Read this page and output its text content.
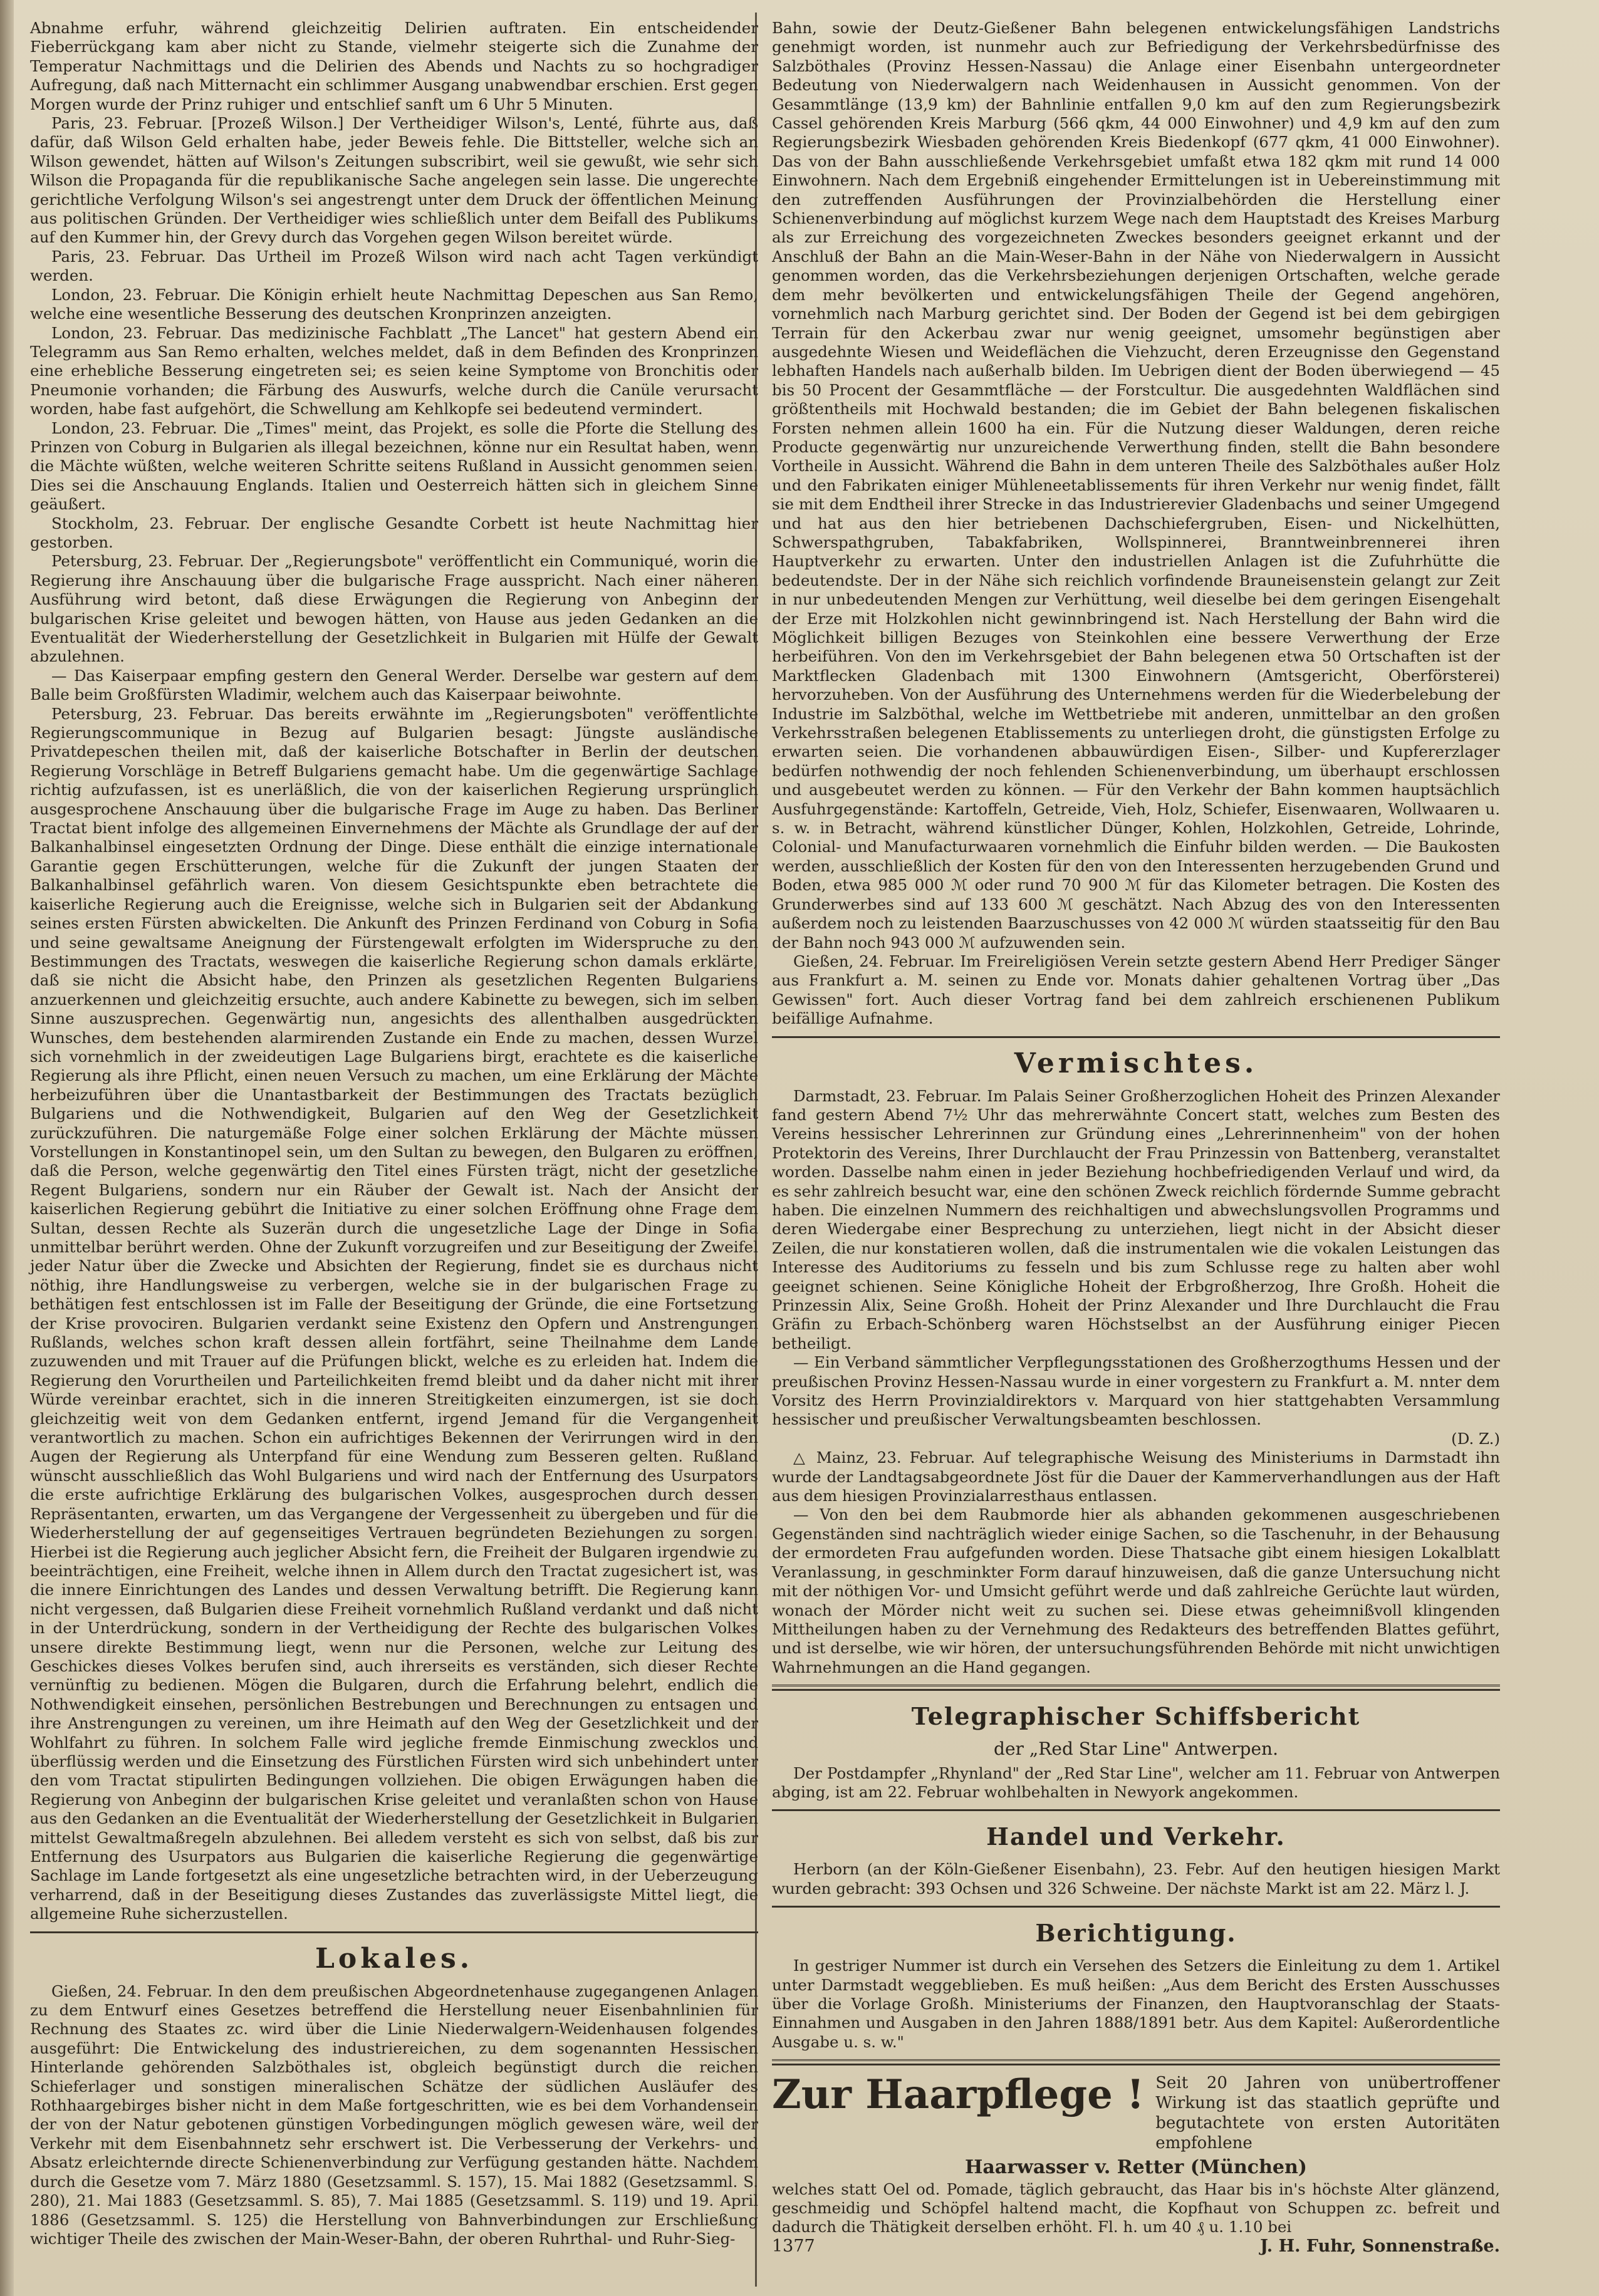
Abnahme erfuhr, während gleichzeitig Delirien auftraten. Ein entscheidender Fieberrückgang kam aber nicht zu Stande, vielmehr steigerte sich die Zunahme der Temperatur Nachmittags und die Delirien des Abends und Nachts zu so hochgradiger Aufregung, daß nach Mitternacht ein schlimmer Ausgang unabwendbar erschien. Erst gegen Morgen wurde der Prinz ruhiger und entschlief sanft um 6 Uhr 5 Minuten.

Paris, 23. Februar. [Prozeß Wilson.] Der Vertheidiger Wilson's, Lenté, führte aus, daß dafür, daß Wilson Geld erhalten habe, jeder Beweis fehle. Die Bittsteller, welche sich an Wilson gewendet, hätten auf Wilson's Zeitungen subscribirt, weil sie gewußt, wie sehr sich Wilson die Propaganda für die republikanische Sache angelegen sein lasse. Die ungerechte gerichtliche Verfolgung Wilson's sei angestrengt unter dem Druck der öffentlichen Meinung aus politischen Gründen. Der Vertheidiger wies schließlich unter dem Beifall des Publikums auf den Kummer hin, der Grevy durch das Vorgehen gegen Wilson bereitet würde.

Paris, 23. Februar. Das Urtheil im Prozeß Wilson wird nach acht Tagen verkündigt werden.

London, 23. Februar. Die Königin erhielt heute Nachmittag Depeschen aus San Remo, welche eine wesentliche Besserung des deutschen Kronprinzen anzeigten.

London, 23. Februar. Das medizinische Fachblatt „The Lancet" hat gestern Abend ein Telegramm aus San Remo erhalten, welches meldet, daß in dem Befinden des Kronprinzen eine erhebliche Besserung eingetreten sei; es seien keine Symptome von Bronchitis oder Pneumonie vorhanden; die Färbung des Auswurfs, welche durch die Canüle verursacht worden, habe fast aufgehört, die Schwellung am Kehlkopfe sei bedeutend vermindert.

London, 23. Februar. Die „Times" meint, das Projekt, es solle die Pforte die Stellung des Prinzen von Coburg in Bulgarien als illegal bezeichnen, könne nur ein Resultat haben, wenn die Mächte wüßten, welche weiteren Schritte seitens Rußland in Aussicht genommen seien. Dies sei die Anschauung Englands. Italien und Oesterreich hätten sich in gleichem Sinne geäußert.

Stockholm, 23. Februar. Der englische Gesandte Corbett ist heute Nachmittag hier gestorben.

Petersburg, 23. Februar. Der „Regierungsbote" veröffentlicht ein Communiqué, worin die Regierung ihre Anschauung über die bulgarische Frage ausspricht. Nach einer näheren Ausführung wird betont, daß diese Erwägungen die Regierung von Anbeginn der bulgarischen Krise geleitet und bewogen hätten, von Hause aus jeden Gedanken an die Eventualität der Wiederherstellung der Gesetzlichkeit in Bulgarien mit Hülfe der Gewalt abzulehnen.

— Das Kaiserpaar empfing gestern den General Werder. Derselbe war gestern auf dem Balle beim Großfürsten Wladimir, welchem auch das Kaiserpaar beiwohnte.

Petersburg, 23. Februar. Das bereits erwähnte im „Regierungsboten" veröffentlichte Regierungscommunique in Bezug auf Bulgarien besagt: Jüngste ausländische Privatdepeschen theilen mit, daß der kaiserliche Botschafter in Berlin der deutschen Regierung Vorschläge in Betreff Bulgariens gemacht habe. Um die gegenwärtige Sachlage richtig aufzufassen, ist es unerläßlich, die von der kaiserlichen Regierung ursprünglich ausgesprochene Anschauung über die bulgarische Frage im Auge zu haben. Das Berliner Tractat bient infolge des allgemeinen Einvernehmens der Mächte als Grundlage der auf der Balkanhalbinsel eingesetzten Ordnung der Dinge. Diese enthält die einzige internationale Garantie gegen Erschütterungen, welche für die Zukunft der jungen Staaten der Balkanhalbinsel gefährlich waren. Von diesem Gesichtspunkte eben betrachtete die kaiserliche Regierung auch die Ereignisse, welche sich in Bulgarien seit der Abdankung seines ersten Fürsten abwickelten. Die Ankunft des Prinzen Ferdinand von Coburg in Sofia und seine gewaltsame Aneignung der Fürstengewalt erfolgten im Widerspruche zu den Bestimmungen des Tractats, weswegen die kaiserliche Regierung schon damals erklärte, daß sie nicht die Absicht habe, den Prinzen als gesetzlichen Regenten Bulgariens anzuerkennen und gleichzeitig ersuchte, auch andere Kabinette zu bewegen, sich im selben Sinne auszusprechen. Gegenwärtig nun, angesichts des allenthalben ausgedrückten Wunsches, dem bestehenden alarmirenden Zustande ein Ende zu machen, dessen Wurzel sich vornehmlich in der zweideutigen Lage Bulgariens birgt, erachtete es die kaiserliche Regierung als ihre Pflicht, einen neuen Versuch zu machen, um eine Erklärung der Mächte herbeizuführen über die Unantastbarkeit der Bestimmungen des Tractats bezüglich Bulgariens und die Nothwendigkeit, Bulgarien auf den Weg der Gesetzlichkeit zurückzuführen. Die naturgemäße Folge einer solchen Erklärung der Mächte müssen Vorstellungen in Konstantinopel sein, um den Sultan zu bewegen, den Bulgaren zu eröffnen, daß die Person, welche gegenwärtig den Titel eines Fürsten trägt, nicht der gesetzliche Regent Bulgariens, sondern nur ein Räuber der Gewalt ist. Nach der Ansicht der kaiserlichen Regierung gebührt die Initiative zu einer solchen Eröffnung ohne Frage dem Sultan, dessen Rechte als Suzerän durch die ungesetzliche Lage der Dinge in Sofia unmittelbar berührt werden. Ohne der Zukunft vorzugreifen und zur Beseitigung der Zweifel jeder Natur über die Zwecke und Absichten der Regierung, findet sie es durchaus nicht nöthig, ihre Handlungsweise zu verbergen, welche sie in der bulgarischen Frage zu bethätigen fest entschlossen ist im Falle der Beseitigung der Gründe, die eine Fortsetzung der Krise provociren. Bulgarien verdankt seine Existenz den Opfern und Anstrengungen Rußlands, welches schon kraft dessen allein fortfährt, seine Theilnahme dem Lande zuzuwenden und mit Trauer auf die Prüfungen blickt, welche es zu erleiden hat. Indem die Regierung den Vorurtheilen und Parteilichkeiten fremd bleibt und da daher nicht mit ihrer Würde vereinbar erachtet, sich in die inneren Streitigkeiten einzumergen, ist sie doch gleichzeitig weit von dem Gedanken entfernt, irgend Jemand für die Vergangenheit verantwortlich zu machen. Schon ein aufrichtiges Bekennen der Verirrungen wird in den Augen der Regierung als Unterpfand für eine Wendung zum Besseren gelten. Rußland wünscht ausschließlich das Wohl Bulgariens und wird nach der Entfernung des Usurpators die erste aufrichtige Erklärung des bulgarischen Volkes, ausgesprochen durch dessen Repräsentanten, erwarten, um das Vergangene der Vergessenheit zu übergeben und für die Wiederherstellung der auf gegenseitiges Vertrauen begründeten Beziehungen zu sorgen. Hierbei ist die Regierung auch jeglicher Absicht fern, die Freiheit der Bulgaren irgendwie zu beeinträchtigen, eine Freiheit, welche ihnen in Allem durch den Tractat zugesichert ist, was die innere Einrichtungen des Landes und dessen Verwaltung betrifft. Die Regierung kann nicht vergessen, daß Bulgarien diese Freiheit vornehmlich Rußland verdankt und daß nicht in der Unterdrückung, sondern in der Vertheidigung der Rechte des bulgarischen Volkes unsere direkte Bestimmung liegt, wenn nur die Personen, welche zur Leitung des Geschickes dieses Volkes berufen sind, auch ihrerseits es verständen, sich dieser Rechte vernünftig zu bedienen. Mögen die Bulgaren, durch die Erfahrung belehrt, endlich die Nothwendigkeit einsehen, persönlichen Bestrebungen und Berechnungen zu entsagen und ihre Anstrengungen zu vereinen, um ihre Heimath auf den Weg der Gesetzlichkeit und der Wohlfahrt zu führen. In solchem Falle wird jegliche fremde Einmischung zwecklos und überflüssig werden und die Einsetzung des Fürstlichen Fürsten wird sich unbehindert unter den vom Tractat stipulirten Bedingungen vollziehen. Die obigen Erwägungen haben die Regierung von Anbeginn der bulgarischen Krise geleitet und veranlaßten schon von Hause aus den Gedanken an die Eventualität der Wiederherstellung der Gesetzlichkeit in Bulgarien mittelst Gewaltmaßregeln abzulehnen. Bei alledem versteht es sich von selbst, daß bis zur Entfernung des Usurpators aus Bulgarien die kaiserliche Regierung die gegenwärtige Sachlage im Lande fortgesetzt als eine ungesetzliche betrachten wird, in der Ueberzeugung verharrend, daß in der Beseitigung dieses Zustandes das zuverlässigste Mittel liegt, die allgemeine Ruhe sicherzustellen.

Lokales.

Gießen, 24. Februar. In den dem preußischen Abgeordnetenhause zugegangenen Anlagen zu dem Entwurf eines Gesetzes betreffend die Herstellung neuer Eisenbahnlinien für Rechnung des Staates zc. wird über die Linie Niederwalgern-Weidenhausen folgendes ausgeführt: Die Entwickelung des industriereichen, zu dem sogenannten Hessischen Hinterlande gehörenden Salzböthales ist, obgleich begünstigt durch die reichen Schieferlager und sonstigen mineralischen Schätze der südlichen Ausläufer des Rothhaargebirges bisher nicht in dem Maße fortgeschritten, wie es bei dem Vorhandensein der von der Natur gebotenen günstigen Vorbedingungen möglich gewesen wäre, weil der Verkehr mit dem Eisenbahnnetz sehr erschwert ist. Die Verbesserung der Verkehrs- und Absatz erleichternde directe Schienenverbindung zur Verfügung gestanden hätte. Nachdem durch die Gesetze vom 7. März 1880 (Gesetzsamml. S. 157), 15. Mai 1882 (Gesetzsamml. S. 280), 21. Mai 1883 (Gesetzsamml. S. 85), 7. Mai 1885 (Gesetzsamml. S. 119) und 19. April 1886 (Gesetzsamml. S. 125) die Herstellung von Bahnverbindungen zur Erschließung wichtiger Theile des zwischen der Main-Weser-Bahn, der oberen Ruhrthal- und Ruhr-Sieg-

Bahn, sowie der Deutz-Gießener Bahn belegenen entwickelungsfähigen Landstrichs genehmigt worden, ist nunmehr auch zur Befriedigung der Verkehrsbedürfnisse des Salzböthales (Provinz Hessen-Nassau) die Anlage einer Eisenbahn untergeordneter Bedeutung von Niederwalgern nach Weidenhausen in Aussicht genommen. Von der Gesammtlänge (13,9 km) der Bahnlinie entfallen 9,0 km auf den zum Regierungsbezirk Cassel gehörenden Kreis Marburg (566 qkm, 44 000 Einwohner) und 4,9 km auf den zum Regierungsbezirk Wiesbaden gehörenden Kreis Biedenkopf (677 qkm, 41 000 Einwohner). Das von der Bahn ausschließende Verkehrsgebiet umfaßt etwa 182 qkm mit rund 14 000 Einwohnern. Nach dem Ergebniß eingehender Ermittelungen ist in Uebereinstimmung mit den zutreffenden Ausführungen der Provinzialbehörden die Herstellung einer Schienenverbindung auf möglichst kurzem Wege nach dem Hauptstadt des Kreises Marburg als zur Erreichung des vorgezeichneten Zweckes besonders geeignet erkannt und der Anschluß der Bahn an die Main-Weser-Bahn in der Nähe von Niederwalgern in Aussicht genommen worden, das die Verkehrsbeziehungen derjenigen Ortschaften, welche gerade dem mehr bevölkerten und entwickelungsfähigen Theile der Gegend angehören, vornehmlich nach Marburg gerichtet sind. Der Boden der Gegend ist bei dem gebirgigen Terrain für den Ackerbau zwar nur wenig geeignet, umsomehr begünstigen aber ausgedehnte Wiesen und Weideflächen die Viehzucht, deren Erzeugnisse den Gegenstand lebhaften Handels nach außerhalb bilden. Im Uebrigen dient der Boden überwiegend — 45 bis 50 Procent der Gesammtfläche — der Forstcultur. Die ausgedehnten Waldflächen sind größtentheils mit Hochwald bestanden; die im Gebiet der Bahn belegenen fiskalischen Forsten nehmen allein 1600 ha ein. Für die Nutzung dieser Waldungen, deren reiche Producte gegenwärtig nur unzureichende Verwerthung finden, stellt die Bahn besondere Vortheile in Aussicht. Während die Bahn in dem unteren Theile des Salzböthales außer Holz und den Fabrikaten einiger Mühleneetablissements für ihren Verkehr nur wenig findet, fällt sie mit dem Endtheil ihrer Strecke in das Industrierevier Gladenbachs und seiner Umgegend und hat aus den hier betriebenen Dachschiefergruben, Eisen- und Nickelhütten, Schwerspathgruben, Tabakfabriken, Wollspinnerei, Branntweinbrennerei ihren Hauptverkehr zu erwarten. Unter den industriellen Anlagen ist die Zufuhrhütte die bedeutendste. Der in der Nähe sich reichlich vorfindende Brauneisenstein gelangt zur Zeit in nur unbedeutenden Mengen zur Verhüttung, weil dieselbe bei dem geringen Eisengehalt der Erze mit Holzkohlen nicht gewinnbringend ist. Nach Herstellung der Bahn wird die Möglichkeit billigen Bezuges von Steinkohlen eine bessere Verwerthung der Erze herbeiführen. Von den im Verkehrsgebiet der Bahn belegenen etwa 50 Ortschaften ist der Marktflecken Gladenbach mit 1300 Einwohnern (Amtsgericht, Oberförsterei) hervorzuheben. Von der Ausführung des Unternehmens werden für die Wiederbelebung der Industrie im Salzböthal, welche im Wettbetriebe mit anderen, unmittelbar an den großen Verkehrsstraßen belegenen Etablissements zu unterliegen droht, die günstigsten Erfolge zu erwarten seien. Die vorhandenen abbauwürdigen Eisen-, Silber- und Kupfererzlager bedürfen nothwendig der noch fehlenden Schienenverbindung, um überhaupt erschlossen und ausgebeutet werden zu können. — Für den Verkehr der Bahn kommen hauptsächlich Ausfuhrgegenstände: Kartoffeln, Getreide, Vieh, Holz, Schiefer, Eisenwaaren, Wollwaaren u. s. w. in Betracht, während künstlicher Dünger, Kohlen, Holzkohlen, Getreide, Lohrinde, Colonial- und Manufacturwaaren vornehmlich die Einfuhr bilden werden. — Die Baukosten werden, ausschließlich der Kosten für den von den Interessenten herzugebenden Grund und Boden, etwa 985 000 ℳ oder rund 70 900 ℳ für das Kilometer betragen. Die Kosten des Grunderwerbes sind auf 133 600 ℳ geschätzt. Nach Abzug des von den Interessenten außerdem noch zu leistenden Baarzuschusses von 42 000 ℳ würden staatsseitig für den Bau der Bahn noch 943 000 ℳ aufzuwenden sein.

Gießen, 24. Februar. Im Freireligiösen Verein setzte gestern Abend Herr Prediger Sänger aus Frankfurt a. M. seinen zu Ende vor. Monats dahier gehaltenen Vortrag über „Das Gewissen" fort. Auch dieser Vortrag fand bei dem zahlreich erschienenen Publikum beifällige Aufnahme.

Vermischtes.

Darmstadt, 23. Februar. Im Palais Seiner Großherzoglichen Hoheit des Prinzen Alexander fand gestern Abend 7½ Uhr das mehrerwähnte Concert statt, welches zum Besten des Vereins hessischer Lehrerinnen zur Gründung eines „Lehrerinnenheim" von der hohen Protektorin des Vereins, Ihrer Durchlaucht der Frau Prinzessin von Battenberg, veranstaltet worden. Dasselbe nahm einen in jeder Beziehung hochbefriedigenden Verlauf und wird, da es sehr zahlreich besucht war, eine den schönen Zweck reichlich fördernde Summe gebracht haben. Die einzelnen Nummern des reichhaltigen und abwechslungsvollen Programms und deren Wiedergabe einer Besprechung zu unterziehen, liegt nicht in der Absicht dieser Zeilen, die nur konstatieren wollen, daß die instrumentalen wie die vokalen Leistungen das Interesse des Auditoriums zu fesseln und bis zum Schlusse rege zu halten aber wohl geeignet schienen. Seine Königliche Hoheit der Erbgroßherzog, Ihre Großh. Hoheit die Prinzessin Alix, Seine Großh. Hoheit der Prinz Alexander und Ihre Durchlaucht die Frau Gräfin zu Erbach-Schönberg waren Höchstselbst an der Ausführung einiger Piecen betheiligt.

— Ein Verband sämmtlicher Verpflegungsstationen des Großherzogthums Hessen und der preußischen Provinz Hessen-Nassau wurde in einer vorgestern zu Frankfurt a. M. nnter dem Vorsitz des Herrn Provinzialdirektors v. Marquard von hier stattgehabten Versammlung hessischer und preußischer Verwaltungsbeamten beschlossen.

(D. Z.)

△ Mainz, 23. Februar. Auf telegraphische Weisung des Ministeriums in Darmstadt ihn wurde der Landtagsabgeordnete Jöst für die Dauer der Kammerverhandlungen aus der Haft aus dem hiesigen Provinzialarresthaus entlassen.

— Von den bei dem Raubmorde hier als abhanden gekommenen ausgeschriebenen Gegenständen sind nachträglich wieder einige Sachen, so die Taschenuhr, in der Behausung der ermordeten Frau aufgefunden worden. Diese Thatsache gibt einem hiesigen Lokalblatt Veranlassung, in geschminkter Form darauf hinzuweisen, daß die ganze Untersuchung nicht mit der nöthigen Vor- und Umsicht geführt werde und daß zahlreiche Gerüchte laut würden, wonach der Mörder nicht weit zu suchen sei. Diese etwas geheimnißvoll klingenden Mittheilungen haben zu der Vernehmung des Redakteurs des betreffenden Blattes geführt, und ist derselbe, wie wir hören, der untersuchungsführenden Behörde mit nicht unwichtigen Wahrnehmungen an die Hand gegangen.

Telegraphischer Schiffsbericht
der „Red Star Line" Antwerpen.

Der Postdampfer „Rhynland" der „Red Star Line", welcher am 11. Februar von Antwerpen abging, ist am 22. Februar wohlbehalten in Newyork angekommen.

Handel und Verkehr.

Herborn (an der Köln-Gießener Eisenbahn), 23. Febr. Auf den heutigen hiesigen Markt wurden gebracht: 393 Ochsen und 326 Schweine. Der nächste Markt ist am 22. März l. J.

Berichtigung.

In gestriger Nummer ist durch ein Versehen des Setzers die Einleitung zu dem 1. Artikel unter Darmstadt weggeblieben. Es muß heißen: „Aus dem Bericht des Ersten Ausschusses über die Vorlage Großh. Ministeriums der Finanzen, den Hauptvoranschlag der Staats-Einnahmen und Ausgaben in den Jahren 1888/1891 betr. Aus dem Kapitel: Außerordentliche Ausgabe u. s. w."

Zur Haarpflege ! Seit 20 Jahren von unübertroffener Wirkung ist das staatlich geprüfte und begutachtete von ersten Autoritäten empfohlene
Haarwasser v. Retter (München)

welches statt Oel od. Pomade, täglich gebraucht, das Haar bis in's höchste Alter glänzend, geschmeidig und Schöpfel haltend macht, die Kopfhaut von Schuppen zc. befreit und dadurch die Thätigkeit derselben erhöht. Fl. h. um 40 ₰ u. 1.10 bei

1377	J. H. Fuhr, Sonnenstraße.
